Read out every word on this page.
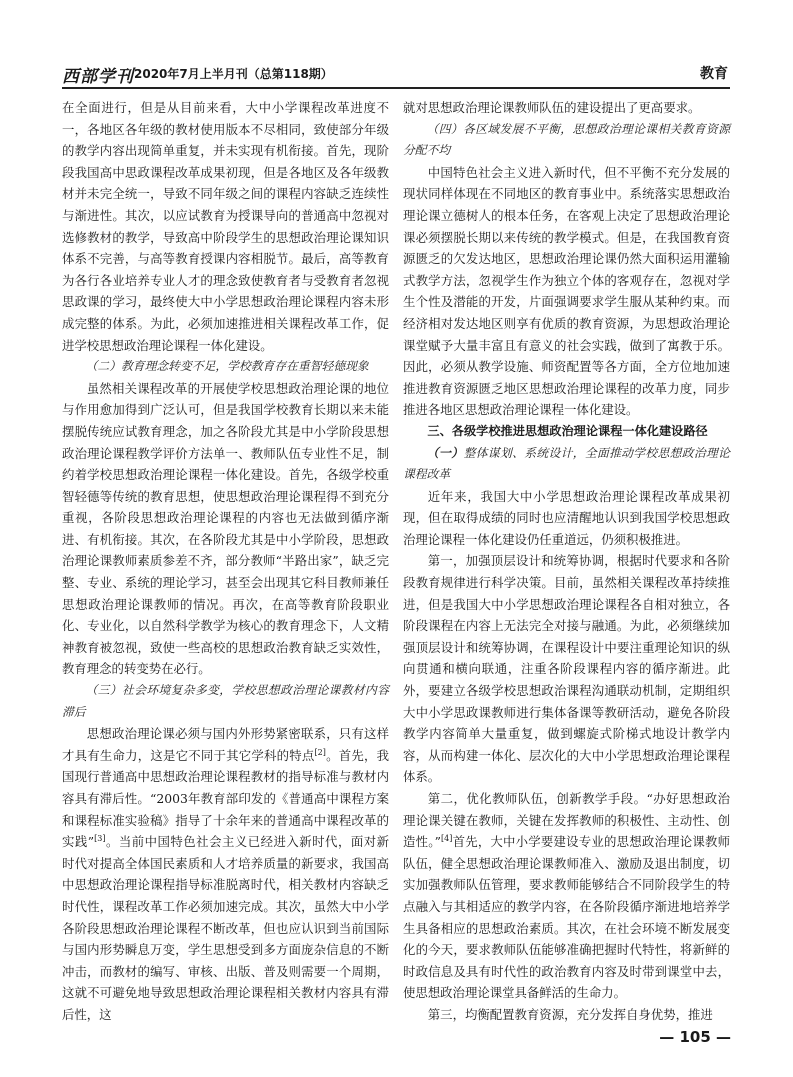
西部学刊 2020年7月上半月刊（总第118期）	教育

在全面进行，但是从目前来看，大中小学课程改革进度不一，各地区各年级的教材使用版本不尽相同，致使部分年级的教学内容出现简单重复，并未实现有机衔接。首先，现阶段我国高中思政课程改革成果初现，但是各地区及各年级教材并未完全统一，导致不同年级之间的课程内容缺乏连续性与渐进性。其次，以应试教育为授课导向的普通高中忽视对选修教材的教学，导致高中阶段学生的思想政治理论课知识体系不完善，与高等教育授课内容相脱节。最后，高等教育为各行各业培养专业人才的理念致使教育者与受教育者忽视思政课的学习，最终使大中小学思想政治理论课程内容未形成完整的体系。为此，必须加速推进相关课程改革工作，促进学校思想政治理论课程一体化建设。

（二）教育理念转变不足，学校教育存在重智轻德现象

虽然相关课程改革的开展使学校思想政治理论课的地位与作用愈加得到广泛认可，但是我国学校教育长期以来未能摆脱传统应试教育理念，加之各阶段尤其是中小学阶段思想政治理论课程教学评价方法单一、教师队伍专业性不足，制约着学校思想政治理论课程一体化建设。首先，各级学校重智轻德等传统的教育思想，使思想政治理论课程得不到充分重视，各阶段思想政治理论课程的内容也无法做到循序渐进、有机衔接。其次，在各阶段尤其是中小学阶段，思想政治理论课教师素质参差不齐，部分教师“半路出家”，缺乏完整、专业、系统的理论学习，甚至会出现其它科目教师兼任思想政治理论课教师的情况。再次，在高等教育阶段职业化、专业化，以自然科学教学为核心的教育理念下，人文精神教育被忽视，致使一些高校的思想政治教育缺乏实效性，教育理念的转变势在必行。

（三）社会环境复杂多变，学校思想政治理论课教材内容滞后

思想政治理论课必须与国内外形势紧密联系，只有这样才具有生命力，这是它不同于其它学科的特点[2]。首先，我国现行普通高中思想政治理论课程教材的指导标准与教材内容具有滞后性。“2003年教育部印发的《普通高中课程方案和课程标准实验稿》指导了十余年来的普通高中课程改革的实践”[3]。当前中国特色社会主义已经进入新时代，面对新时代对提高全体国民素质和人才培养质量的新要求，我国高中思想政治理论课程指导标准脱离时代，相关教材内容缺乏时代性，课程改革工作必须加速完成。其次，虽然大中小学各阶段思想政治理论课程不断改革，但也应认识到当前国际与国内形势瞬息万变，学生思想受到多方面庞杂信息的不断冲击，而教材的编写、审核、出版、普及则需要一个周期，这就不可避免地导致思想政治理论课程相关教材内容具有滞后性，这

就对思想政治理论课教师队伍的建设提出了更高要求。

（四）各区域发展不平衡，思想政治理论课相关教育资源分配不均

中国特色社会主义进入新时代，但不平衡不充分发展的现状同样体现在不同地区的教育事业中。系统落实思想政治理论课立德树人的根本任务，在客观上决定了思想政治理论课必须摆脱长期以来传统的教学模式。但是，在我国教育资源匮乏的欠发达地区，思想政治理论课仍然大面积运用灌输式教学方法，忽视学生作为独立个体的客观存在，忽视对学生个性及潜能的开发，片面强调要求学生服从某种约束。而经济相对发达地区则享有优质的教育资源，为思想政治理论课堂赋予大量丰富且有意义的社会实践，做到了寓教于乐。因此，必须从教学设施、师资配置等各方面，全方位地加速推进教育资源匮乏地区思想政治理论课程的改革力度，同步推进各地区思想政治理论课程一体化建设。

三、各级学校推进思想政治理论课程一体化建设路径

（一）整体谋划、系统设计，全面推动学校思想政治理论课程改革

近年来，我国大中小学思想政治理论课程改革成果初现，但在取得成绩的同时也应清醒地认识到我国学校思想政治理论课程一体化建设仍任重道远，仍须积极推进。

第一，加强顶层设计和统筹协调，根据时代要求和各阶段教育规律进行科学决策。目前，虽然相关课程改革持续推进，但是我国大中小学思想政治理论课程各自相对独立，各阶段课程在内容上无法完全对接与融通。为此，必须继续加强顶层设计和统筹协调，在课程设计中要注重理论知识的纵向贯通和横向联通，注重各阶段课程内容的循序渐进。此外，要建立各级学校思想政治课程沟通联动机制，定期组织大中小学思政课教师进行集体备课等教研活动，避免各阶段教学内容简单大量重复，做到螺旋式阶梯式地设计教学内容，从而构建一体化、层次化的大中小学思想政治理论课程体系。

第二，优化教师队伍，创新教学手段。“办好思想政治理论课关键在教师，关键在发挥教师的积极性、主动性、创造性。”[4]首先，大中小学要建设专业的思想政治理论课教师队伍，健全思想政治理论课教师准入、激励及退出制度，切实加强教师队伍管理，要求教师能够结合不同阶段学生的特点融入与其相适应的教学内容，在各阶段循序渐进地培养学生具备相应的思想政治素质。其次，在社会环境不断发展变化的今天，要求教师队伍能够准确把握时代特性，将新鲜的时政信息及具有时代性的政治教育内容及时带到课堂中去，使思想政治理论课堂具备鲜活的生命力。

第三，均衡配置教育资源，充分发挥自身优势，推进

— 105 —
